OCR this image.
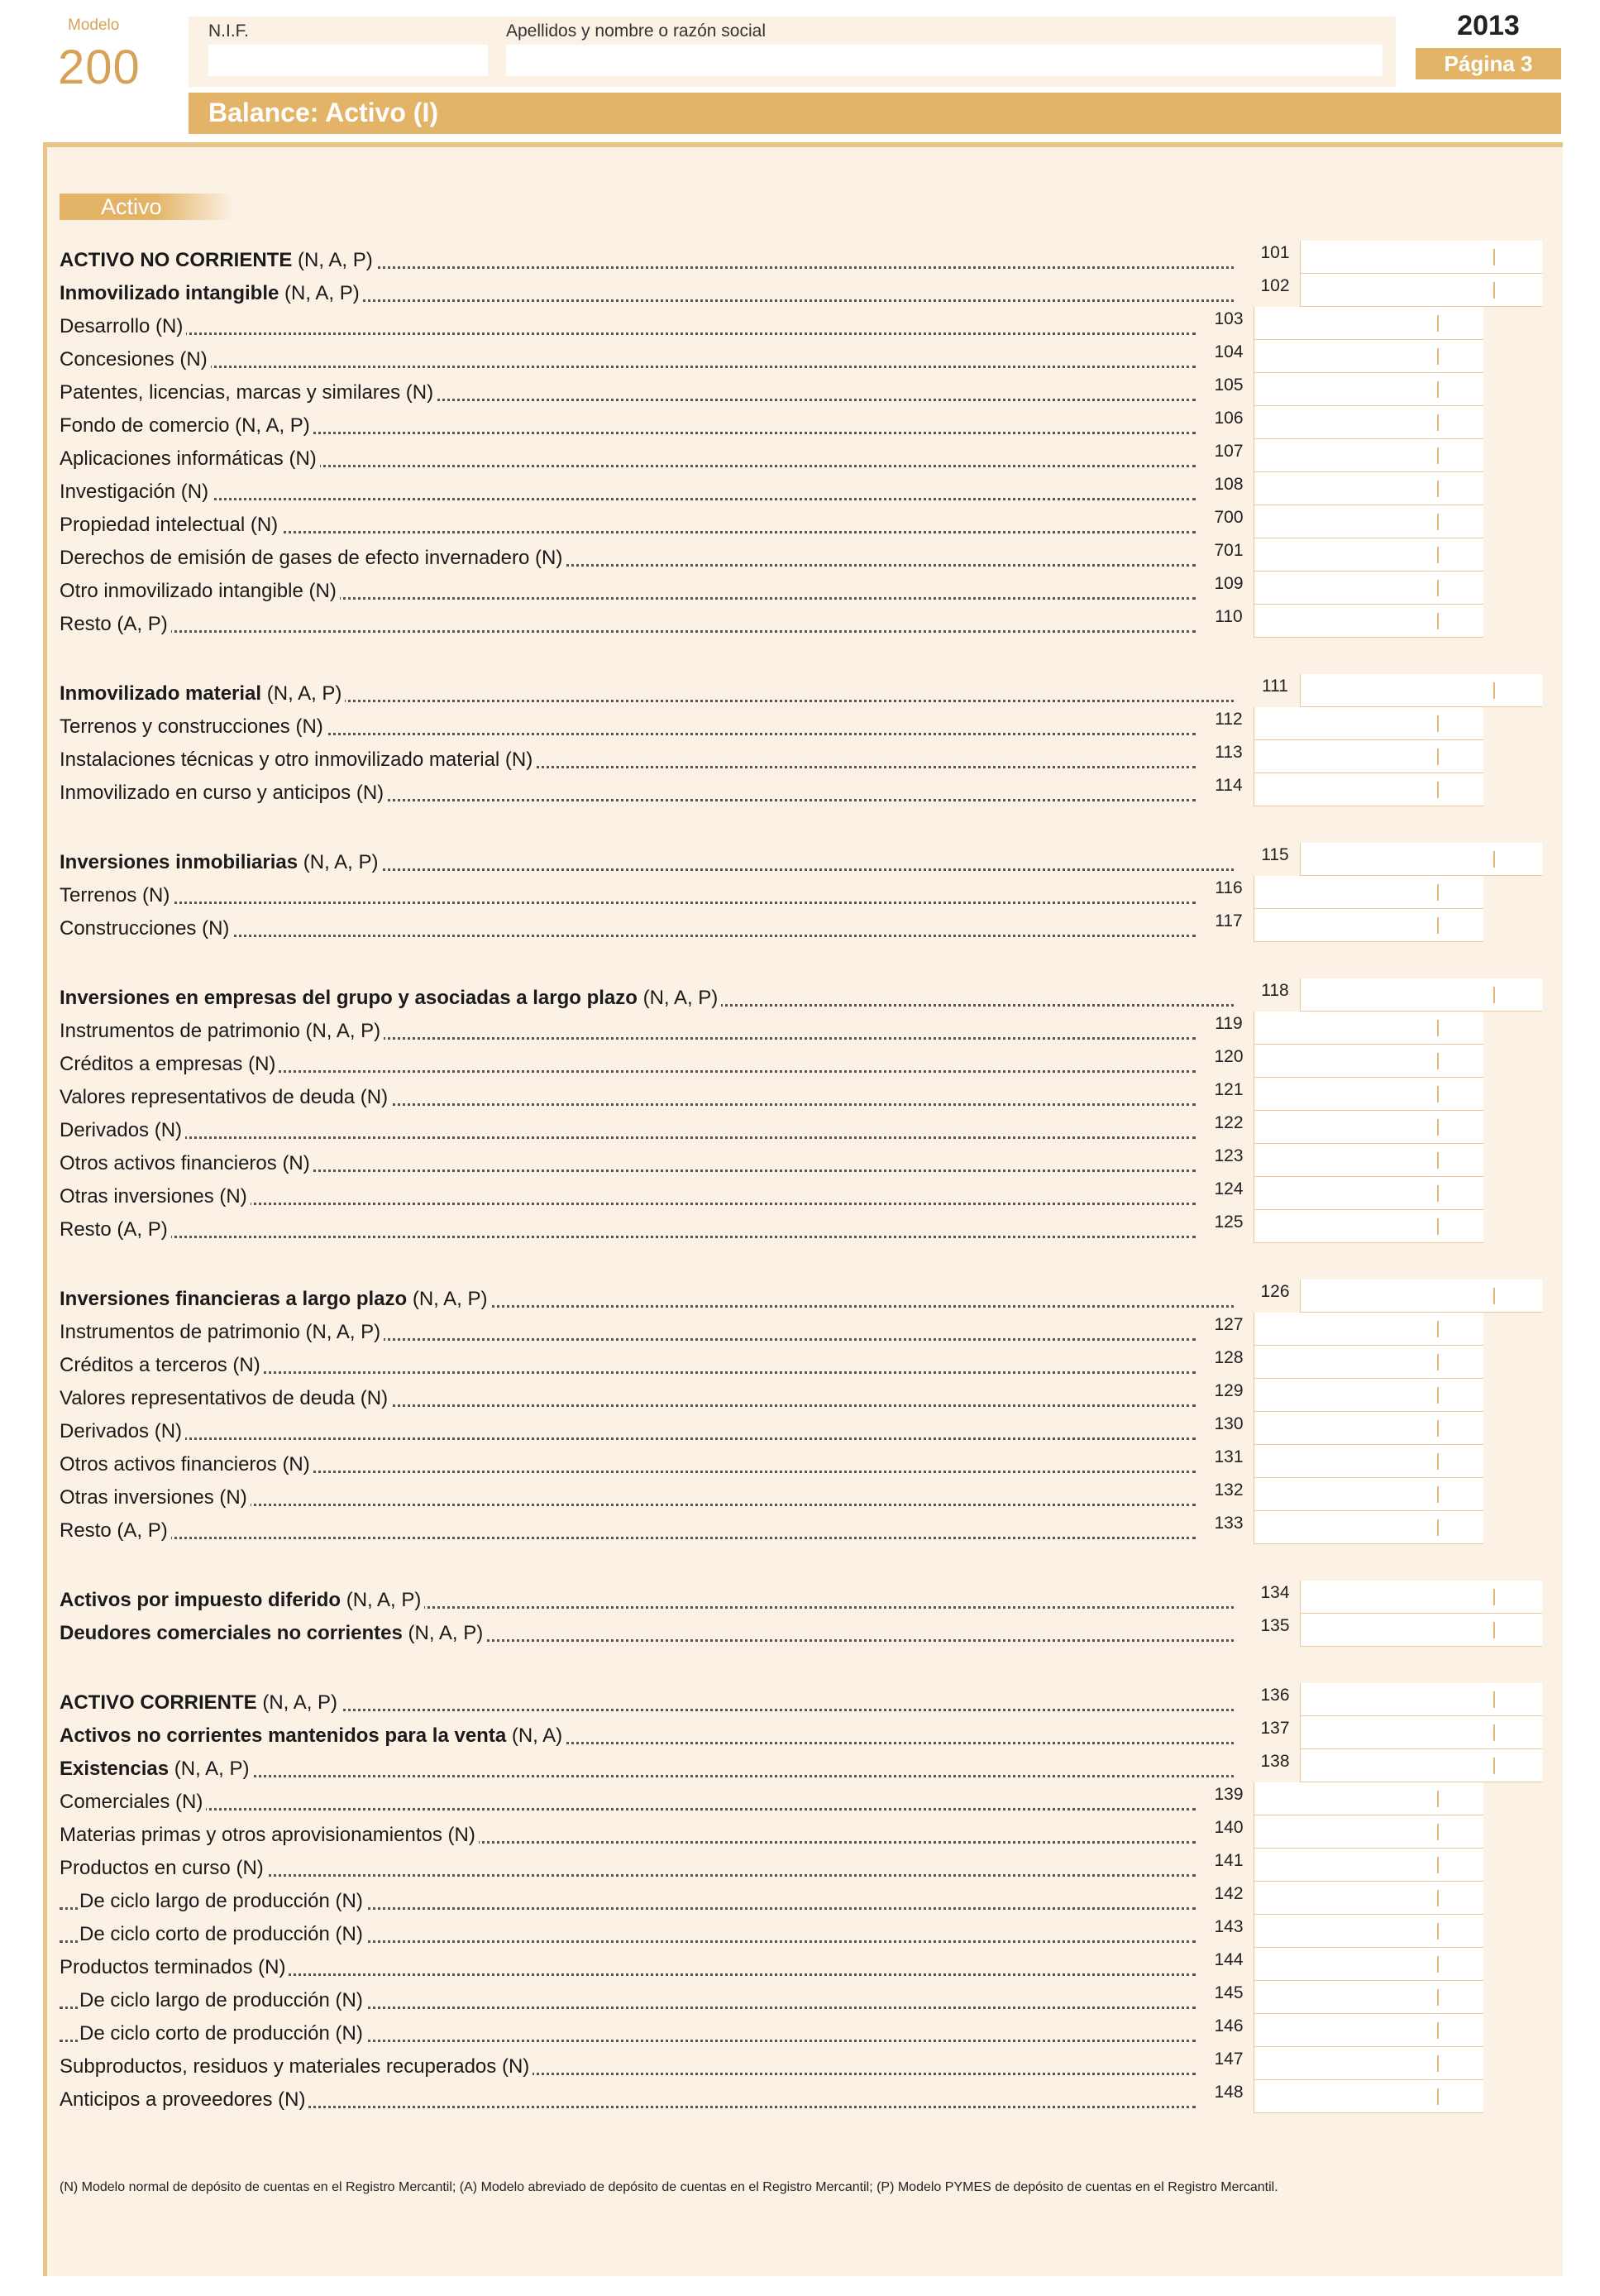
Modelo
200
N.I.F.	Apellidos y nombre o razón social	2013
Página 3
Balance: Activo (I)
Activo
ACTIVO NO CORRIENTE (N, A, P)
Inmovilizado intangible (N, A, P)
Desarrollo (N)
Concesiones (N)
Patentes, licencias, marcas y similares (N)
Fondo de comercio (N, A, P)
Aplicaciones informáticas (N)
Investigación (N)
Propiedad intelectual (N)
Derechos de emisión de gases de efecto invernadero (N)
Otro inmovilizado intangible (N)
Resto (A, P)
Inmovilizado material (N, A, P)
Terrenos y construcciones (N)
Instalaciones técnicas y otro inmovilizado material (N)
Inmovilizado en curso y anticipos (N)
Inversiones inmobiliarias (N, A, P)
Terrenos (N)
Construcciones (N)
Inversiones en empresas del grupo y asociadas a largo plazo (N, A, P)
Instrumentos de patrimonio (N, A, P)
Créditos a empresas (N)
Valores representativos de deuda (N)
Derivados (N)
Otros activos financieros (N)
Otras inversiones (N)
Resto (A, P)
Inversiones financieras a largo plazo (N, A, P)
Instrumentos de patrimonio (N, A, P)
Créditos a terceros (N)
Valores representativos de deuda (N)
Derivados (N)
Otros activos financieros (N)
Otras inversiones (N)
Resto (A, P)
Activos por impuesto diferido (N, A, P)
Deudores comerciales no corrientes (N, A, P)
ACTIVO CORRIENTE (N, A, P)
Activos no corrientes mantenidos para la venta (N, A)
Existencias (N, A, P)
Comerciales (N)
Materias primas y otros aprovisionamientos (N)
Productos en curso (N)
De ciclo largo de producción (N)
De ciclo corto de producción (N)
Productos terminados (N)
De ciclo largo de producción (N)
De ciclo corto de producción (N)
Subproductos, residuos y materiales recuperados (N)
Anticipos a proveedores (N)
(N) Modelo normal de depósito de cuentas en el Registro Mercantil; (A) Modelo abreviado de depósito de cuentas en el Registro Mercantil; (P) Modelo PYMES de depósito de cuentas en el Registro Mercantil.
101
102
103
104
105
106
107
108
700
701
109
110
111
112
113
114
115
116
117
118
119
120
121
122
123
124
125
126
127
128
129
130
131
132
133
134
135
136
137
138
139
140
141
142
143
144
145
146
147
148
